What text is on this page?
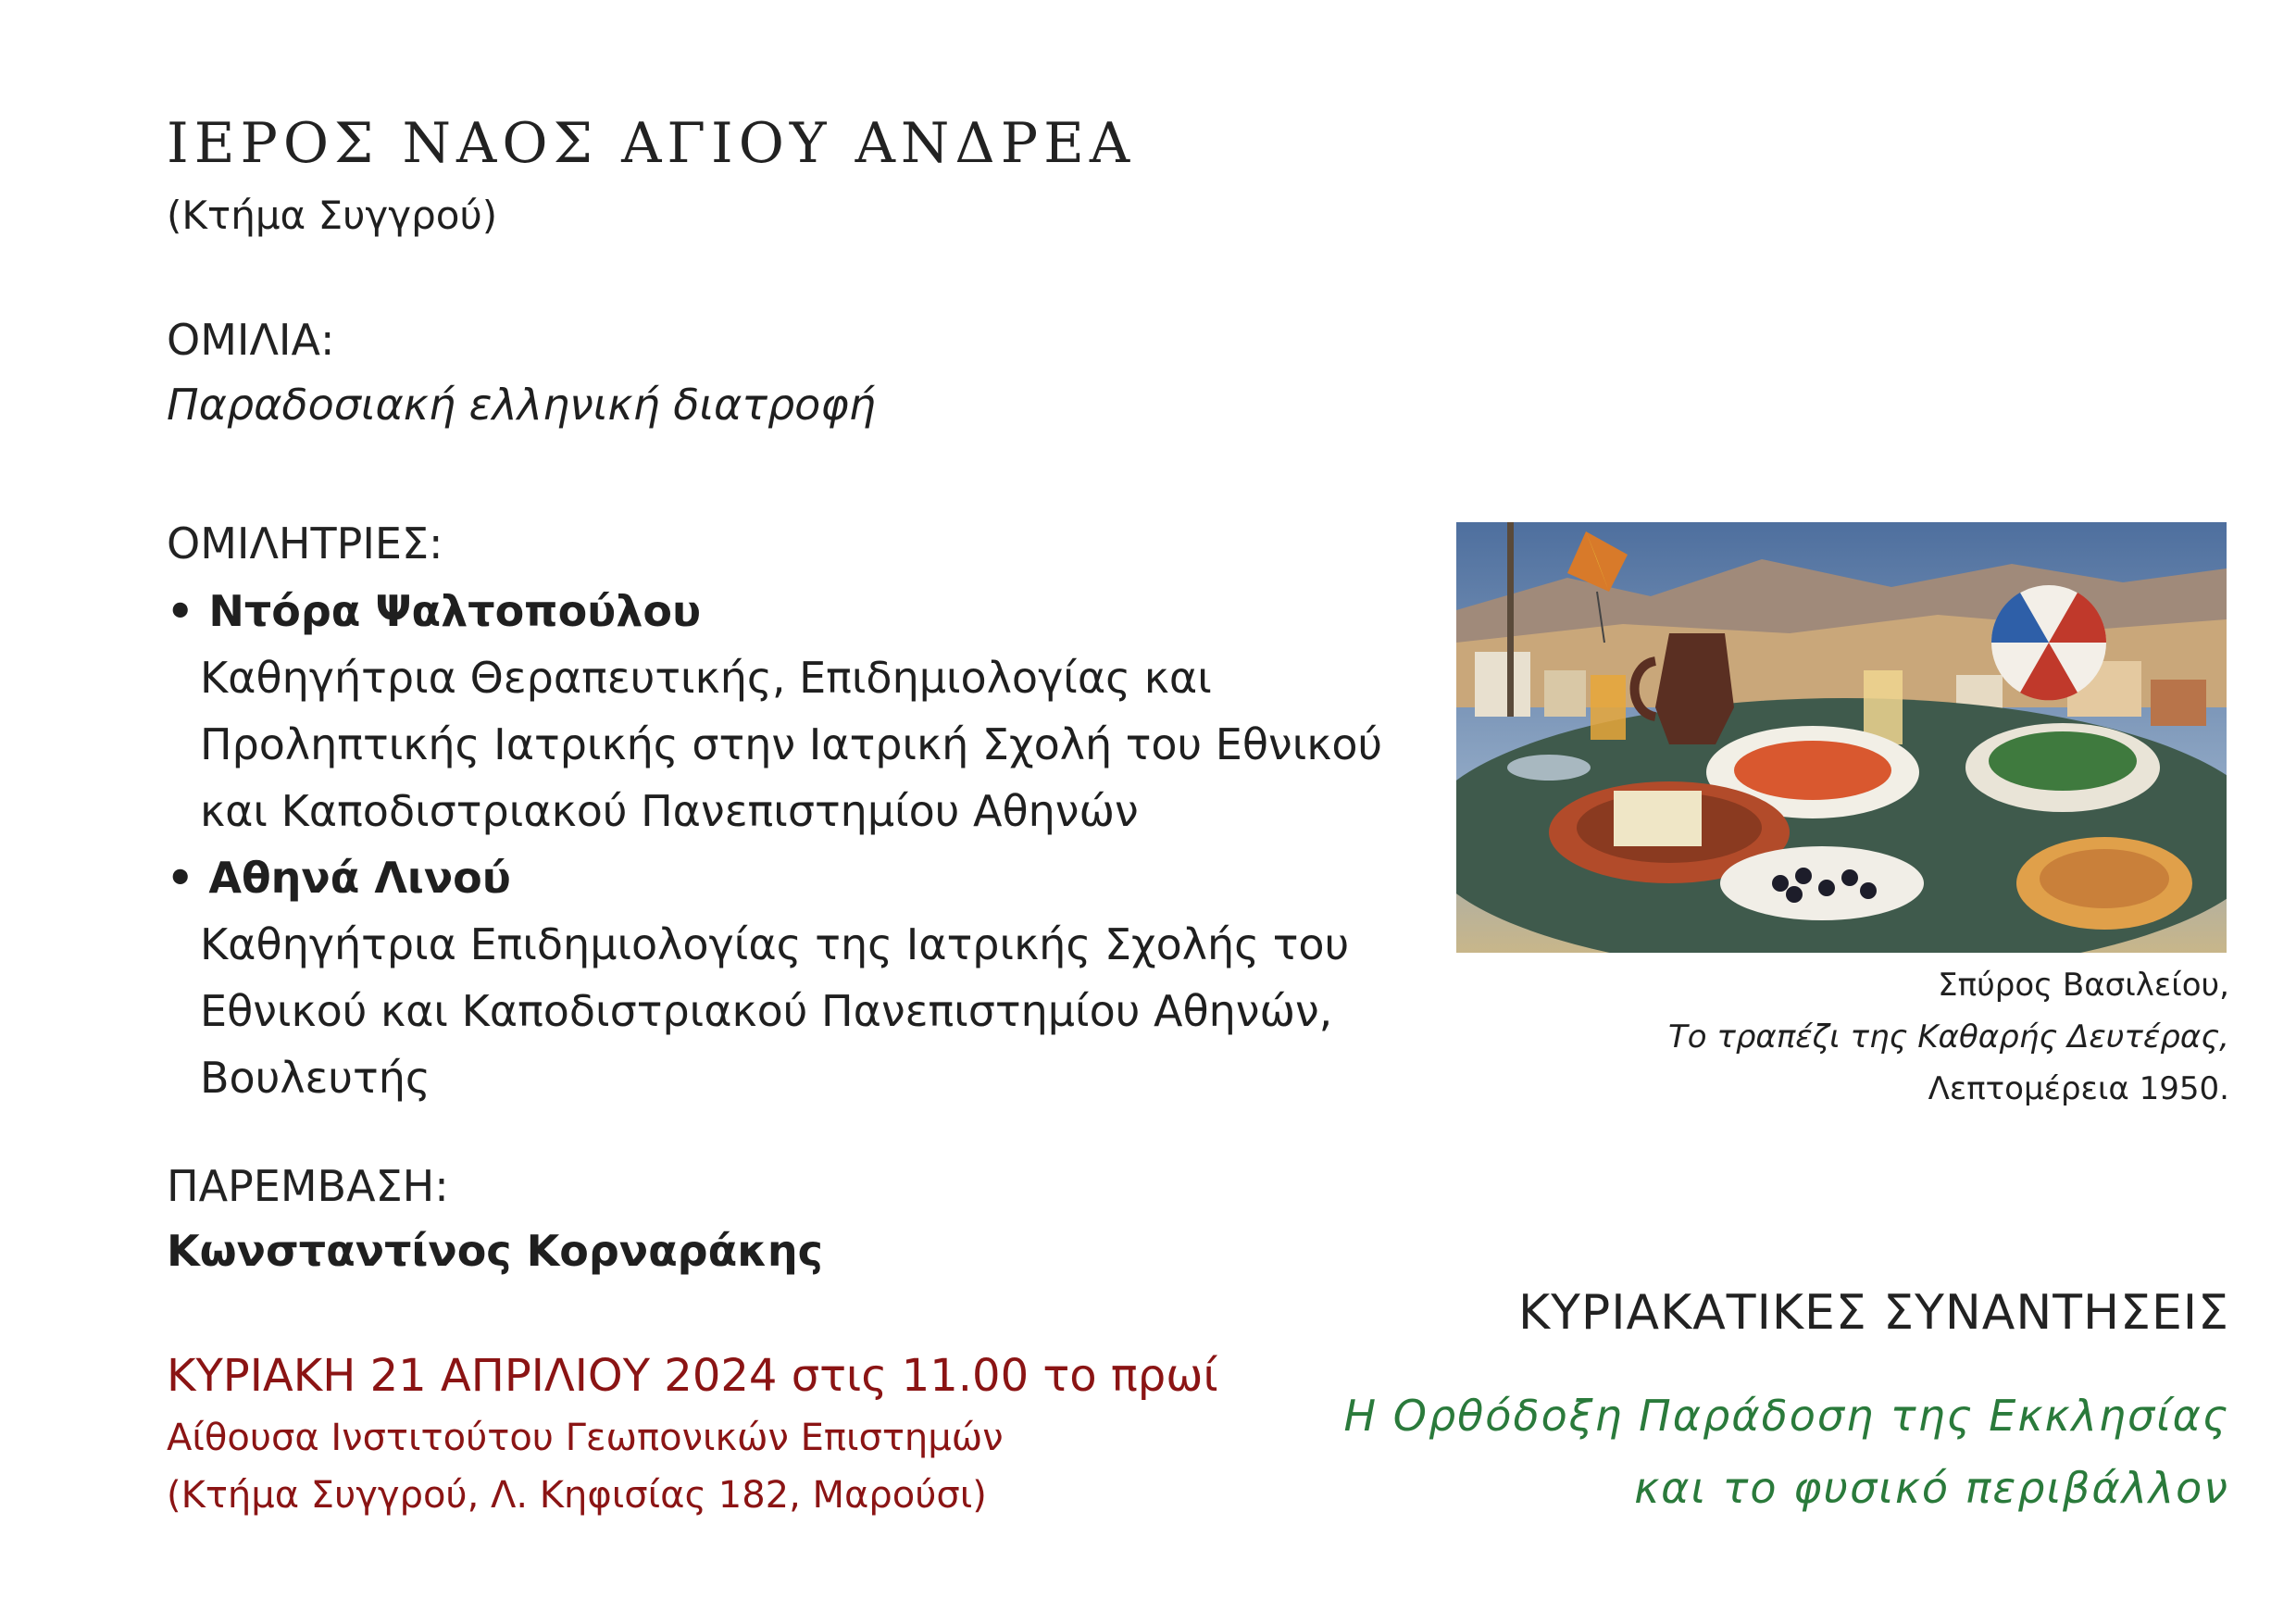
ΙΕΡΟΣ ΝΑΟΣ ΑΓΙΟΥ ΑΝΔΡΕΑ
(Κτήμα Συγγρού)
ΟΜΙΛΙΑ:
Παραδοσιακή ελληνική διατροφή
ΟΜΙΛΗΤΡΙΕΣ:
• Ντόρα Ψαλτοπούλου
Καθηγήτρια Θεραπευτικής, Επιδημιολογίας και
Προληπτικής Ιατρικής στην Ιατρική Σχολή του Εθνικού
και Καποδιστριακού Πανεπιστημίου Αθηνών
• Αθηνά Λινού
Καθηγήτρια Επιδημιολογίας της Ιατρικής Σχολής του
Εθνικού και Καποδιστριακού Πανεπιστημίου Αθηνών,
Βουλευτής
ΠΑΡΕΜΒΑΣΗ:
Κωνσταντίνος Κορναράκης
ΚΥΡΙΑΚΗ 21 ΑΠΡΙΛΙΟΥ 2024 στις 11.00 το πρωί
Αίθουσα Ινστιτούτου Γεωπονικών Επιστημών
(Κτήμα Συγγρού, Λ. Κηφισίας 182, Μαρούσι)
Σπύρος Βασιλείου,
Το τραπέζι της Καθαρής Δευτέρας,
Λεπτομέρεια 1950.
ΚΥΡΙΑΚΑΤΙΚΕΣ ΣΥΝΑΝΤΗΣΕΙΣ
Η Ορθόδοξη Παράδοση της Εκκλησίας
και το φυσικό περιβάλλον
